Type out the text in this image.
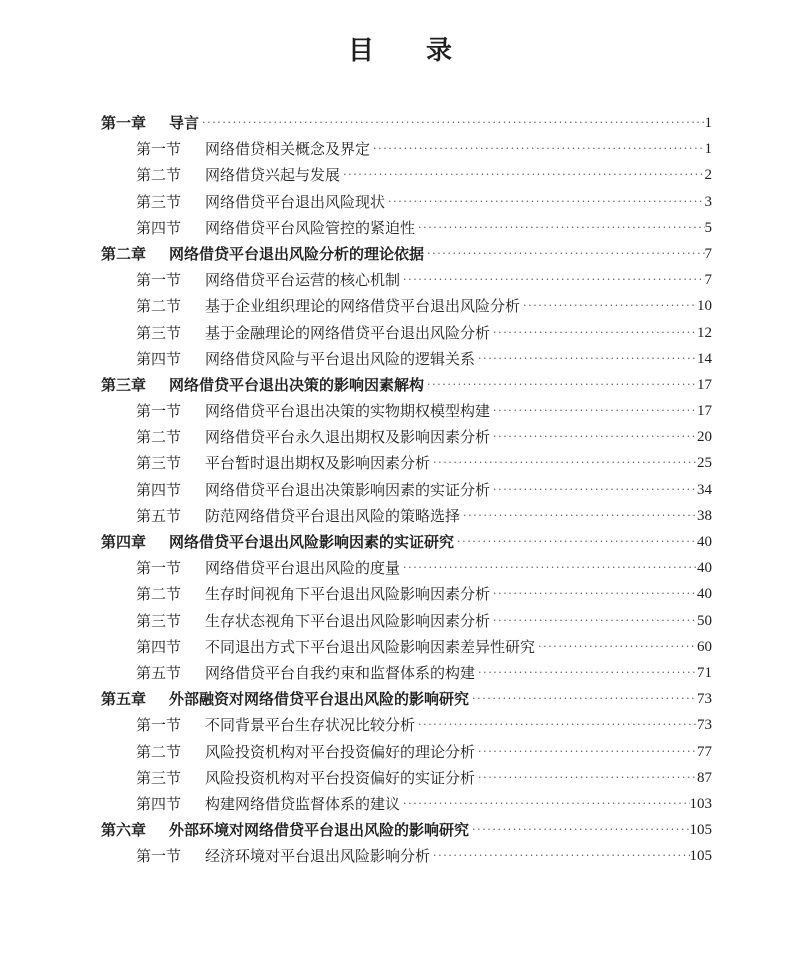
目　录
第一章	导言 ·····	1
第一节	网络借贷相关概念及界定 ·····	1
第二节	网络借贷兴起与发展 ·····	2
第三节	网络借贷平台退出风险现状 ·····	3
第四节	网络借贷平台风险管控的紧迫性 ·····	5
第二章	网络借贷平台退出风险分析的理论依据 ·····	7
第一节	网络借贷平台运营的核心机制 ·····	7
第二节	基于企业组织理论的网络借贷平台退出风险分析 ·····	10
第三节	基于金融理论的网络借贷平台退出风险分析 ·····	12
第四节	网络借贷风险与平台退出风险的逻辑关系 ·····	14
第三章	网络借贷平台退出决策的影响因素解构 ·····	17
第一节	网络借贷平台退出决策的实物期权模型构建 ·····	17
第二节	网络借贷平台永久退出期权及影响因素分析 ·····	20
第三节	平台暂时退出期权及影响因素分析 ·····	25
第四节	网络借贷平台退出决策影响因素的实证分析 ·····	34
第五节	防范网络借贷平台退出风险的策略选择 ·····	38
第四章	网络借贷平台退出风险影响因素的实证研究 ·····	40
第一节	网络借贷平台退出风险的度量 ·····	40
第二节	生存时间视角下平台退出风险影响因素分析 ·····	40
第三节	生存状态视角下平台退出风险影响因素分析 ·····	50
第四节	不同退出方式下平台退出风险影响因素差异性研究 ·····	60
第五节	网络借贷平台自我约束和监督体系的构建 ·····	71
第五章	外部融资对网络借贷平台退出风险的影响研究 ·····	73
第一节	不同背景平台生存状况比较分析 ·····	73
第二节	风险投资机构对平台投资偏好的理论分析 ·····	77
第三节	风险投资机构对平台投资偏好的实证分析 ·····	87
第四节	构建网络借贷监督体系的建议 ·····	103
第六章	外部环境对网络借贷平台退出风险的影响研究 ·····	105
第一节	经济环境对平台退出风险影响分析 ·····	105
